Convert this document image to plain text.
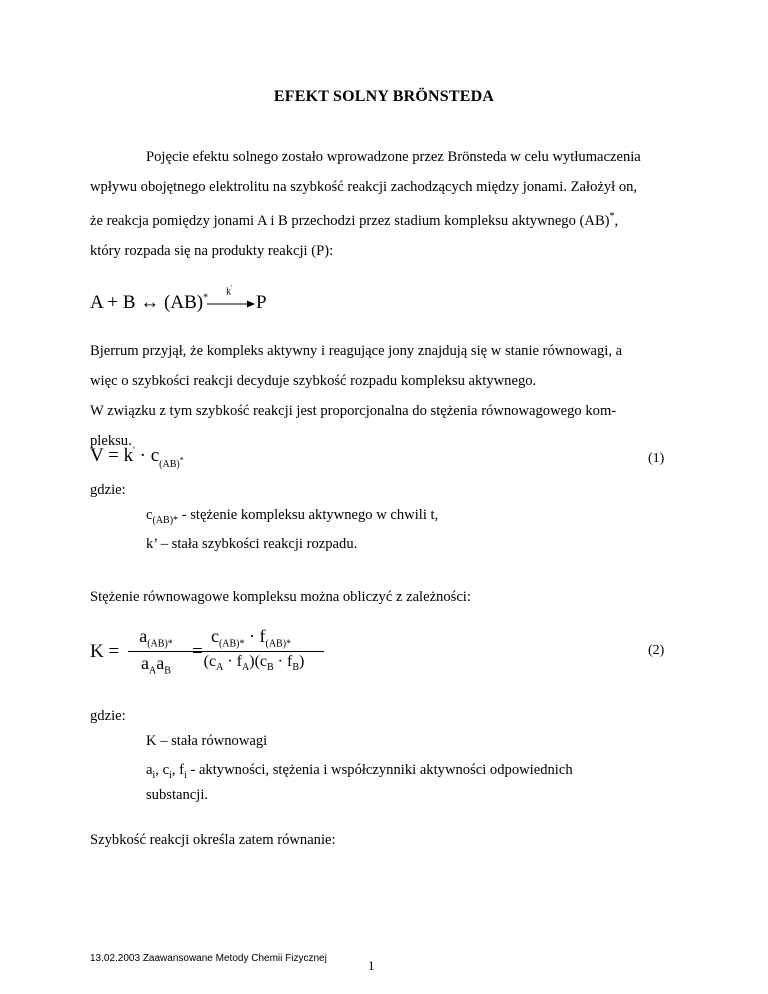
EFEKT SOLNY BRÖNSTEDA

Pojęcie efektu solnego zostało wprowadzone przez Brönsteda w celu wytłumaczenia

wpływu obojętnego elektrolitu na szybkość reakcji zachodzących między jonami. Założył on,

że reakcja pomiędzy jonami A i B przechodzi przez stadium kompleksu aktywnego (AB)*,

który rozpada się na produkty reakcji (P):

A + B ↔ (AB)*
k'
→ P

Bjerrum przyjął, że kompleks aktywny i reagujące jony znajdują się w stanie równowagi, a

więc o szybkości reakcji decyduje szybkość rozpadu kompleksu aktywnego.

W związku z tym szybkość reakcji jest proporcjonalna do stężenia równowagowego kom-

pleksu.

$V = k' \cdot c_{(AB)^*}$	(1)
gdzie:
$c_{(AB)*}$ - stężenie kompleksu aktywnego w chwili t,
k’ – stała szybkości reakcji rozpadu.
Stężenie równowagowe kompleksu można obliczyć z zależności:
K =
$a_{(AB)*}$
$a_Aa_B$
$c_{(AB)*} \cdot f_{(AB)*}$
$(c_A \cdot f_A)(c_B \cdot f_B)$
(2)
gdzie:
K – stała równowagi
$a_i$, $c_i$, $f_i$ - aktywności, stężenia i współczynniki aktywności odpowiednich
substancji.
Szybkość reakcji określa zatem równanie:
13.02.2003 Zaawansowane Metody Chemii Fizycznej	1
